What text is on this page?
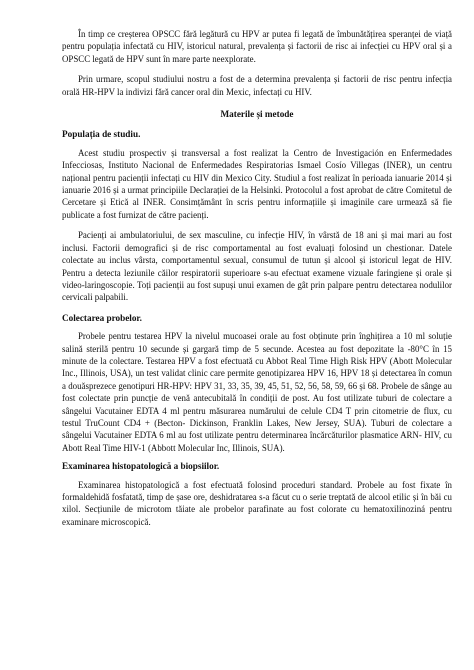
În timp ce creșterea OPSCC fără legătură cu HPV ar putea fi legată de îmbunătățirea speranței de viață pentru populația infectată cu HIV, istoricul natural, prevalența și factorii de risc ai infecției cu HPV oral și a OPSCC legată de HPV sunt în mare parte neexplorate.

Prin urmare, scopul studiului nostru a fost de a determina prevalența și factorii de risc pentru infecția orală HR-HPV la indivizi fără cancer oral din Mexic, infectați cu HIV.

Materile și metode
Populația de studiu.

Acest studiu prospectiv și transversal a fost realizat la Centro de Investigación en Enfermedades Infecciosas, Instituto Nacional de Enfermedades Respiratorias Ismael Cosío Villegas (INER), un centru național pentru pacienții infectați cu HIV din Mexico City. Studiul a fost realizat în perioada ianuarie 2014 și ianuarie 2016 și a urmat principiile Declarației de la Helsinki. Protocolul a fost aprobat de către Comitetul de Cercetare și Etică al INER. Consimțământ în scris pentru informațiile și imaginile care urmează să fie publicate a fost furnizat de către pacienți.

Pacienți ai ambulatoriului, de sex masculine, cu infecție HIV, în vârstă de 18 ani și mai mari au fost inclusi. Factorii demografici și de risc comportamental au fost evaluați folosind un chestionar. Datele colectate au inclus vârsta, comportamentul sexual, consumul de tutun și alcool și istoricul legat de HIV. Pentru a detecta leziunile căilor respiratorii superioare s-au efectuat examene vizuale faringiene și orale și video-laringoscopie. Toți pacienții au fost supuși unui examen de gât prin palpare pentru detectarea nodulilor cervicali palpabili.

Colectarea probelor.

Probele pentru testarea HPV la nivelul mucoasei orale au fost obținute prin înghițirea a 10 ml soluție salină sterilă pentru 10 secunde și gargară timp de 5 secunde. Acestea au fost depozitate la -80°C în 15 minute de la colectare. Testarea HPV a fost efectuată cu Abbot Real Time High Risk HPV (Abott Molecular Inc., Illinois, USA), un test validat clinic care permite genotipizarea HPV 16, HPV 18 și detectarea în comun a douăsprezece genotipuri HR-HPV: HPV 31, 33, 35, 39, 45, 51, 52, 56, 58, 59, 66 și 68. Probele de sânge au fost colectate prin puncție de venă antecubitală în condiții de post. Au fost utilizate tuburi de colectare a sângelui Vacutainer EDTA 4 ml pentru măsurarea numărului de celule CD4 T prin citometrie de flux, cu testul TruCount CD4 + (Becton- Dickinson, Franklin Lakes, New Jersey, SUA). Tuburi de colectare a sângelui Vacutainer EDTA 6 ml au fost utilizate pentru determinarea încărcăturilor plasmatice ARN- HIV, cu Abott Real Time HIV-1 (Abbott Molecular Inc, Illinois, SUA).

Examinarea histopatologică a biopsiilor.

Examinarea histopatologică a fost efectuată folosind proceduri standard. Probele au fost fixate în formaldehidă fosfatată, timp de șase ore, deshidratarea s-a făcut cu o serie treptată de alcool etilic și în băi cu xilol. Secțiunile de microtom tăiate ale probelor parafinate au fost colorate cu hematoxilinoziná pentru examinare microscopică.
